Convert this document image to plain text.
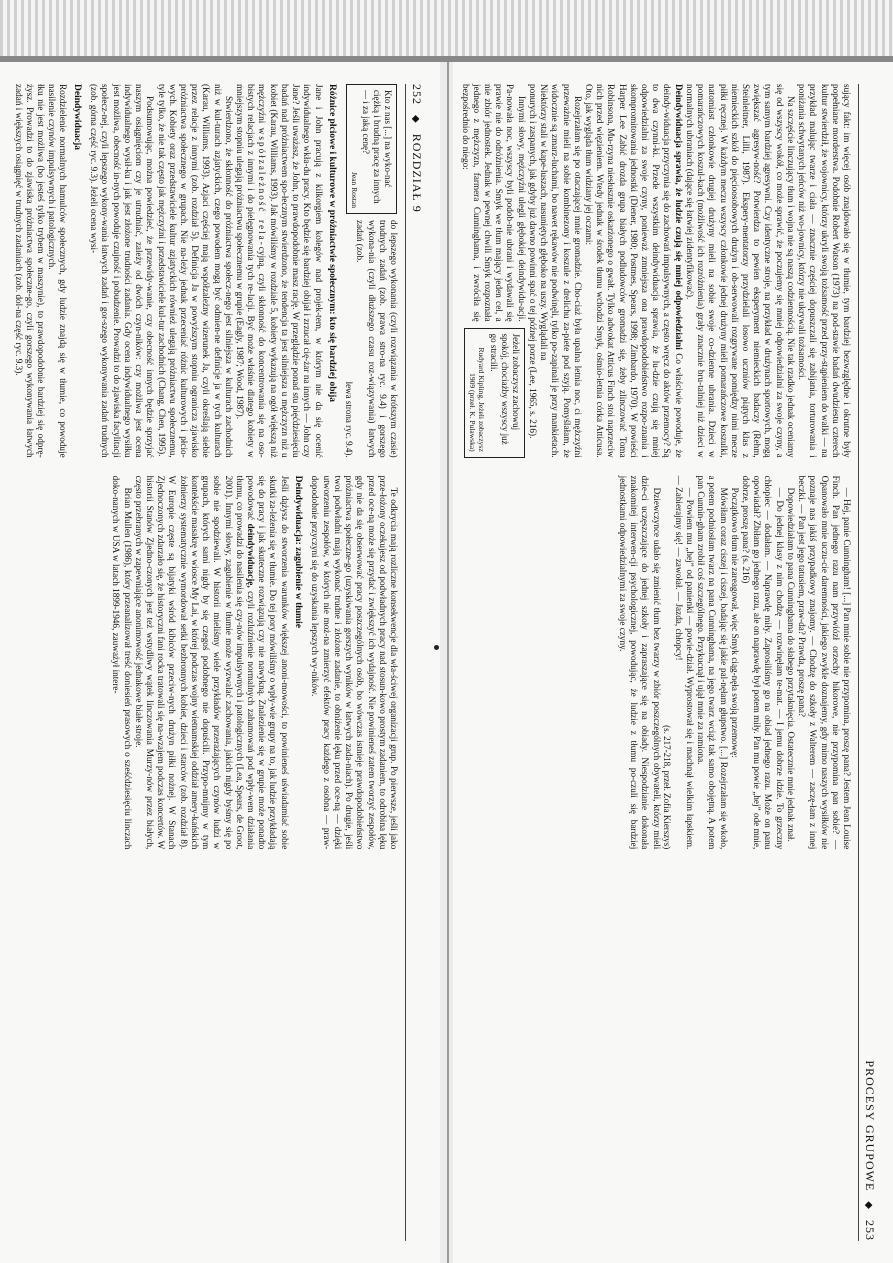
252 ◆ ROZDZIAŁ 9
Kto z nas [...] na wyko-nać ciężką i brudną pracę za innych — i za jaką cenę?
Jean Rostan

do lepszego wykonania (czyli rozwiązania w krótszym czasie) trudnych zadań (zob. prawa stro-na ryc. 9.4) i gorszego wykona-nia (czyli dłuższego czasu roz-wiązywania) łatwych zadań (zob.

lewa strona ryc. 9.4).

Różnice płciowe i kulturowe w próżniactwie społecznym: kto się bardziej obija

Jane i John pracują z kilkorgiem kolegów nad projek-tem, w którym nie da się ocenić indywidualnego wkła-du pracy. Kto będzie się bardziej obijał i zrzucał cię-żar na innych — John czy Jane? Jeśli uważasz, że John, to prawdopodobnie masz rację. W przeglądzie ponad stu pięćdziesięciu badań nad próżniactwem spo-łecznym stwierdzono, że tendencja ta jest silniejsza u mężczyzn niż u kobiet (Karau, Williams, 1993). Jak mówiliśmy w rozdziale 5, kobiety wykazują na ogół większą niż mężczyźni współzależność rela-cyjną, czyli skłonność do koncentrowania się na oso-bistych relacjach z innymi i do pielęgnowania tych re-lacji. Być może właśnie dlatego kobiety w mniejszym stopniu ulegają próżniactwu społecznemu w grupie (Eagly, 1987; Wood, 1987).

Stwierdzono, że skłonność do próżniactwa społecz-nego jest silniejsza w kulturach zachodnich niż w kul-turach azjatyckich, czego powodem mogą być odmien-ne definicje ja w tych kulturach (Karau, Williams, 1993). Azjaci częściej mają współzależny wizerunek Ja, czyli określają siebie przez relacje z innymi (zob. rozdział 5). Definicja Ja w powyższym stopniu ogranicza zjawisko próżniactwa społecznego w grupach. Nie na-leży jednak przeceniać różnic kulturowych i płcio-wych. Kobiety oraz przedstawiciele kultur azjatyckich również ulegają próżniactwu społecznemu, tyle tylko, że nie tak często jak mężczyźni i przedstawiciele kul-tur zachodnich (Chang, Chen, 1995).

Podsumowując, można powiedzieć, że przewidy-wanie, czy obecność innych będzie sprzyjać naszym osiągnięciom czy je utrudniać, zależy od dwóch czyn-ników: czy możliwa jest ocena indywidualnego wysił-ku i jak jest złożone trudności zadania. Gdy ocena indywidualnego wysiłku jest możliwa, obecność in-nych powoduje czujność i pobudzenie. Prowadzi to do zjawiska facylitacji społecz-nej, czyli lepszego wykony-wania łatwych zadań i gor-szego wykonywania zadań trudnych (zob. górna część ryc. 9.3). Jeżeli ocena wysi-

Deindywiduacja

Rozdzielenie normalnych hamulców społecznych, gdy ludzie znajdą się w tłumie, co powoduje nasilenie czynów impulsywnych i patologicznych.

łku nie jest możliwa (bo jesteś tylko trybem w maszynie), to prawdopodobnie bardziej się odprę-żysz. Prowadzi to do zjawiska próżniactwa społeczne-go, czyli gorszego wykonywania łatwych zadań i większych osiągnięć w trudnych zadaniach (zob. dol-na część ryc. 9.3).

Te odkrycia mają rozliczne konsekwencje dla wła-ściwej organizacji grup. Po pierwsze, jeśli jako prze-łożony oczekujesz od podwładnych pracy nad stosun-kowo prostym zadaniem, to odrobina lęku przed oce-ną może się przydać i zwiększyć ich wydajność. Nie powinieneś zatem tworzyć zespołów, gdy nie da się obserwować pracy poszczególnych osób, bo wówczas istnieje prawdopodobieństwo próżniactwa społeczne-go (uzyskiwania gorszych wyników w łatwych zada-niach). Po drugie, jeśli twoi podwładni mają wykonać trudne i złożone zadanie, to obniżenie lęku przed oce-ną — dzięki utworzeniu zespołów, w których nie moż-na zmierzyć efektów pracy każdego z osobna — praw-dopodobnie przyczyni się do uzyskania lepszych wy-ników.

Deindywiduacja: zagubienie w tłumie

Jeśli dążysz do stworzenia warunków większej anoni-mowości, to powinieneś uświadamiać sobie skutki za-leżenia się w tłumie. Do tej pory mówiliśmy o wpły-wie grupy na to, jak ludzie przykładają się do pracy i jak skuteczne rozwiązują czy nie nawykną. Znalezienie się w grupie może ponadto powodować deindywiduację, czyli rozluźnienie normalnych zahamowań pod wpły-wem działania tłumu, co prowadzi do nasilenia się czy-nów impulsywnych i patologicznych (Lea, Spears, de Groot, 2001). Innymi słowy, zagubienie w tłumie może wyzwalać zachowania, jakich nigdy byśmy się po sobie nie spodziewali. W historii mieliśmy wiele przykładów przerażających czynów ludzi w grupach, których sami nigdy by się czegoś podobnego nie dopuścili. Przypo-mnijmy w tym kontekście masakrę w wiosce My Lai, w której podczas wojny wietnamskiej oddział amery-kańskich żołnierzy systematycznie wymordował setki bezbronnych kobiet, dzieci i starców (zob. rozdział 8). W Europie częste są bijatyki wśród kibiców przeciw-nych drużyn piłki nożnej. W Stanach Zjednoczonych zdarzało się, że historyczni fani rocka tratowali się na-wzajem podczas koncertów. W historii Stanów Zjedno-czonych jest też wstydliwy wątek linczowania Murzy-nów przez białych, często przebranych w zapewniające anonimowość jednakowe białe stroje.

Brian Mullen (1986), który przeanalizował treść doniesień prasowych o sześćdziesięciu linczach doko-nanych w USA w latach 1899-1946, zauważył intere-

PROCESY GRUPOWE ◆ 253

sujący fakt: im więcej osób znajdowało się w tłumie, tym bardziej bezwzględne i okrutne były popełniane morderstwa. Podobnie Robert Watson (1973) na pod-stawie badań dwudziestu czterech kultur stwierdził, że wojownicy, którzy ukryli swoją tożsamość przed przy-stąpieniem do walki — na przykład malując twarze i ciała — znacznie częściej dopuszczali się zabijania, torturowania i poniżania schwytanych jeńców niż wo-jownicy, którzy nie ukrywali tożsamości.

Na szczęście linczujący tłum i wojna nie są naszą codziennością. Nie tak rzadko jednak oceniamy się od wszyscy wokół, co może sprawić, że poczujemy się mniej odpowiedzialni za swoje czyny, a tym samym bardziej agresywni. Czy identyczne stroje, na przykład w drużynach sportowych, mogą zwiększać agresyw-ność? Potwierdza to pewien eksperyment niemieckich badaczy (Rehm, Steinleitner, Lilli, 1987). Ekspery-mentatorzy przydzielali losowo uczniów piątych klas z niemieckich szkół do pięcioosobowych drużyn i ob-serwowali rozgrywane pomiędzy nimi mecze piłki ręcznej. W każdym meczu wszyscy członkowie jednej drużyny mieli pomarańczowe koszulki, natomiast członkowie drugiej drużyny mieli na sobie swoje co-dzienne ubrania. Dzieci w pomarańczowych koszul-kach (możliwość ich rozróżnienia) grały znacznie bru-talniej niż dzieci w normalnych ubraniach (dające się łatwiej zidentyfikować).

Deindywiduacja sprawia, że ludzie czują się mniej odpowiedzialni Co właściwie powoduje, że deindy-widuacja przyczynia się do zachowań impulsywnych, a często wręcz do aktów przemocy? Są to dwa czynni-ki. Przede wszystkim deindywiduacja sprawia, że lu-dzie czują się mniej odpowiedzialni za swoje czyny, ponieważ zmniejsza ona prawdopodobieństwo rozpo-znania i skompromitowania jednostki (Diener, 1980; Postmes, Spears, 1998; Zimbardo, 1970). W powieści Harper Lee Zabić drozda grupa białych podludowców gromadzi się, żeby zlinczować Toma Robinsona, Mu-rzyna niesłusznie oskarżonego o gwałt. Tylko adwokat Atticus Finch stoi naprzeciw nich przed więzieniem. Wtedy jednak w środek tłumu wchodzi Smyk, ośmio-letnia córka Atticusa. Oto, jak wygląda tłum widziany jej oczami:

Rozejrzałam się po otaczającej mnie gromadzie. Cho-ciaż była upalna letnia noc, ci mężczyźni przeważnie mieli na sobie kombinezony i koszule z drelichu za-piete pod szyją. Pomyślałam, że widocznie są zmarz-luchami, bo nawet rękawów nie podwinęli, tylko po-zapinali je przy mankietach. Niektórzy stali w kape-luszach, nasuniętych głęboko na uszy. Wyglądali na

ponurych i zaspanych, jak gdyby już dawno powinni spać o tej późnej porze (Lee, 1965, s. 216).

Jeżeli zobaczysz zachowuj spokój, chociażby wszyscy już go stracili.
Rudyard Kipling, Jeżeli zobaczysz 1909 (przeł. K. Pulawska)

Innymi słowy, mężczyźni ulegli głębokiej deindywidu-acji. Pa-nowała noc, wszyscy byli podob-nie ubrani i wydawali się prawie nie do odróżnienia. Smyk we tłum mający jeden cel, a nie zbiór jednostek. Jednak w pewnej chwili Smyk rozpoznała jednego z mężczyzn, farmera Cunninghama, i zwróciła się bezpośrednio do niego:

— Hej, panie Cunningham! [...] Pan mnie sobie nie przypomina, proszę pana? Jestem Jean Louise Finch. Pan jednego razu nam przywiózł orzechy hikorowe, nie przypomina pan sobie? — Opanowało mnie uczu-cie daremności, jakiego zwykle doznajemy, gdy mimo naszych wysiłków nie poznaje nas jakiś przypadkowy znajomy. — Chodzę do szkoły z Walterem — zaczę-łam z innej beczki. — Pan jest jego tatusiem, praw-da? Prawda, proszę pana?

Dopowiedziałam to pana Cunninghama do słabego przytaknięcia. Ostatecznie mnie jednak znał.

— Do jednej klasy z nim chodzę — rozwinęłam te-mat. — I jemu dobrze idzie. To grzeczny chłopiec — dodałam. — Naprawdę miły. Zaprosiliśmy go na obiad jednego razu. Może on panu opowiadał? Zbiłam go jednego razu, ale on naprawdę był potem miły. Pan mu powie „hej” ode mnie, dobrze, proszę pana? (s. 216)

Początkowo tłum nie zareagował, więc Smyk ciąg-nęła swoją przemowę:

Mówiłam coraz ciszej i ciszej, badając się jakie pal-nęłam głupstwo. [...] Rozejrzałam się wkoło, a potem podniosłam twarz na pana Cunninghama, na jego twarz wciąż tak samo obojętną. A potem pan Cunnin-gham zrobił coś szczególnego. Przykucnął i ujął mnie za ramiona.

— Powiem mu „hej” od panienki — powie-dział. Wyprostował się i machnął wielkim łapskiem. — Zabierajmy się! — zawołał. — Jazda, chłopcy!

(s. 217-218, przeł. Zofia Kierszys)

Dziewczynce udało się zmienić tłum bez twarzy w zbiór poszczególnych obywateli, którzy mieli dzie-ci uczęszczające do jednej szkoły i zapraszające się na obiady. Niespodzianie dokonała znakomitej interwen-cji psychologicznej, powodując, że ludzie z tłumu po-czuli się bardziej jednostkami odpowiedzialnymi za swoje czyny.
